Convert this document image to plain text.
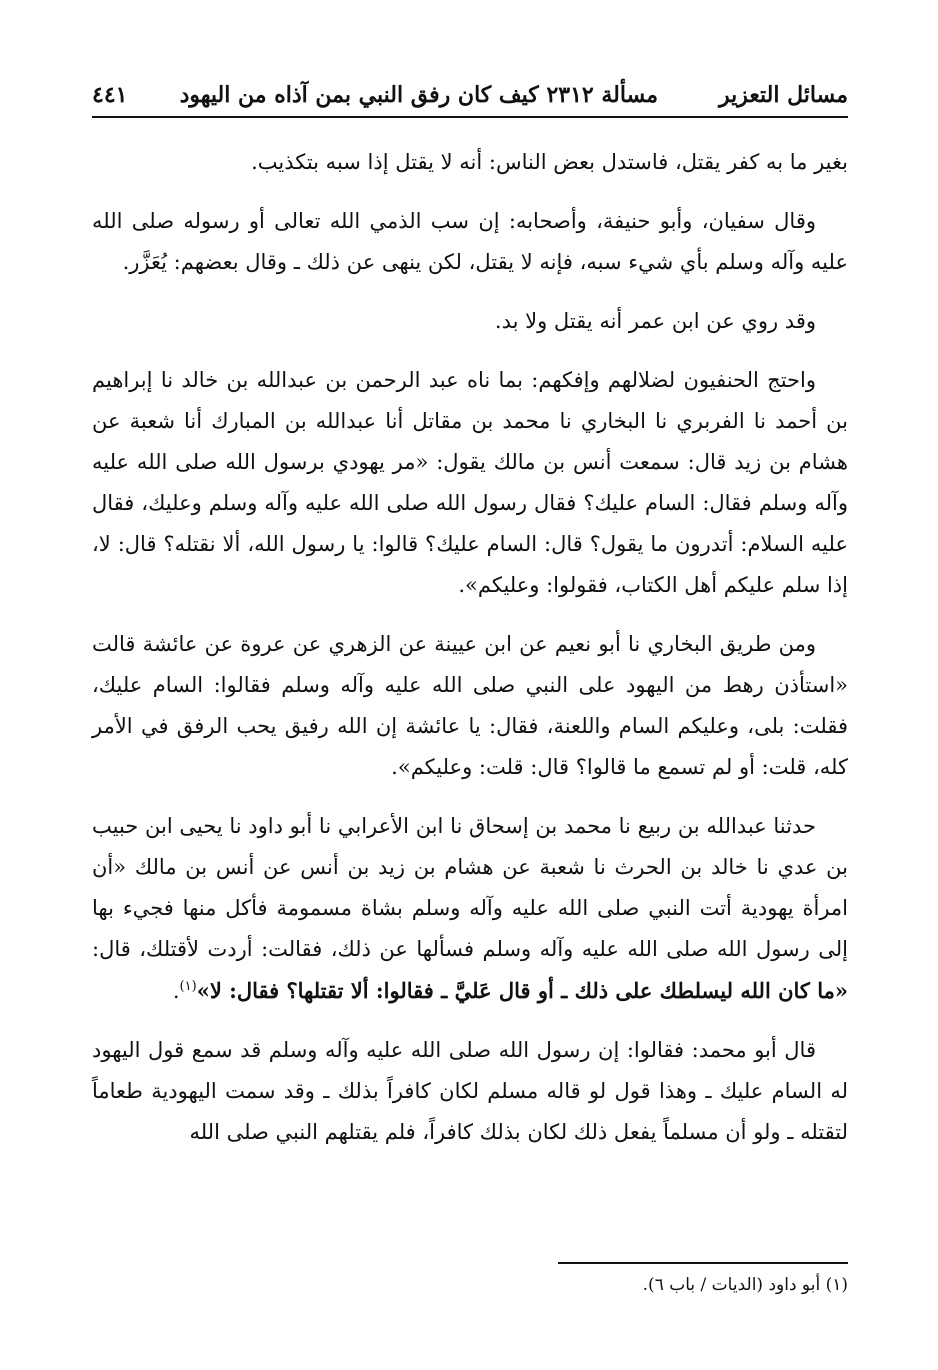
مسائل التعزير
مسألة ٢٣١٢ كيف كان رفق النبي بمن آذاه من اليهود
٤٤١

بغير ما به كفر يقتل، فاستدل بعض الناس: أنه لا يقتل إذا سبه بتكذيب.

وقال سفيان، وأبو حنيفة، وأصحابه: إن سب الذمي الله تعالى أو رسوله صلى الله عليه وآله وسلم بأي شيء سبه، فإنه لا يقتل، لكن ينهى عن ذلك ـ وقال بعضهم: يُعَزَّر.

وقد روي عن ابن عمر أنه يقتل ولا بد.

واحتج الحنفيون لضلالهم وإفكهم: بما ناه عبد الرحمن بن عبدالله بن خالد نا إبراهيم بن أحمد نا الفربري نا البخاري نا محمد بن مقاتل أنا عبدالله بن المبارك أنا شعبة عن هشام بن زيد قال: سمعت أنس بن مالك يقول: «مر يهودي برسول الله صلى الله عليه وآله وسلم فقال: السام عليك؟ فقال رسول الله صلى الله عليه وآله وسلم وعليك، فقال عليه السلام: أتدرون ما يقول؟ قال: السام عليك؟ قالوا: يا رسول الله، ألا نقتله؟ قال: لا، إذا سلم عليكم أهل الكتاب، فقولوا: وعليكم».

ومن طريق البخاري نا أبو نعيم عن ابن عيينة عن الزهري عن عروة عن عائشة قالت «استأذن رهط من اليهود على النبي صلى الله عليه وآله وسلم فقالوا: السام عليك، فقلت: بلى، وعليكم السام واللعنة، فقال: يا عائشة إن الله رفيق يحب الرفق في الأمر كله، قلت: أو لم تسمع ما قالوا؟ قال: قلت: وعليكم».

حدثنا عبدالله بن ربيع نا محمد بن إسحاق نا ابن الأعرابي نا أبو داود نا يحيى ابن حبيب بن عدي نا خالد بن الحرث نا شعبة عن هشام بن زيد بن أنس عن أنس بن مالك «أن امرأة يهودية أتت النبي صلى الله عليه وآله وسلم بشاة مسمومة فأكل منها فجيء بها إلى رسول الله صلى الله عليه وآله وسلم فسألها عن ذلك، فقالت: أردت لأقتلك، قال: «ما كان الله ليسلطك على ذلك ـ أو قال عَليَّ ـ فقالوا: ألا تقتلها؟ فقال: لا»$^{(١)}$.

قال أبو محمد: فقالوا: إن رسول الله صلى الله عليه وآله وسلم قد سمع قول اليهود له السام عليك ـ وهذا قول لو قاله مسلم لكان كافراً بذلك ـ وقد سمت اليهودية طعاماً لتقتله ـ ولو أن مسلماً يفعل ذلك لكان بذلك كافراً، فلم يقتلهم النبي صلى الله

(١) أبو داود (الديات / باب ٦).
